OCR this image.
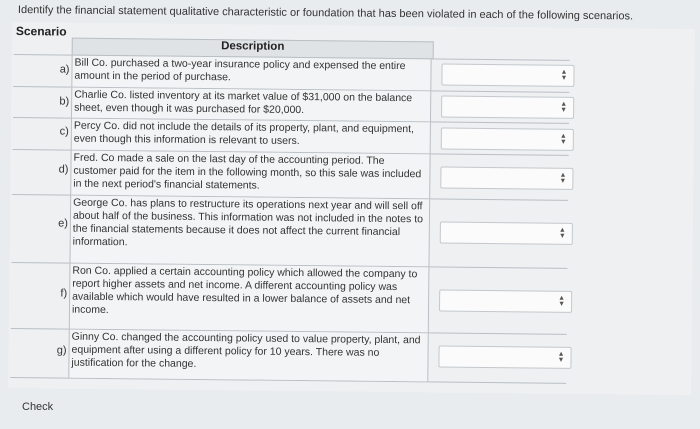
Identify the financial statement qualitative characteristic or foundation that has been violated in each of the following scenarios.
Scenario
Description
a) Bill Co. purchased a two-year insurance policy and expensed the entire amount in the period of purchase.	▲
▼
b) Charlie Co. listed inventory at its market value of $31,000 on the balance sheet, even though it was purchased for $20,000.	▲
▼
c) Percy Co. did not include the details of its property, plant, and equipment, even though this information is relevant to users.	▲
▼
d)
Fred. Co made a sale on the last day of the accounting period. The customer paid for the item in the following month, so this sale was included in the next period's financial statements.
▲
▼
e)
George Co. has plans to restructure its operations next year and will sell off about half of the business. This information was not included in the notes to the financial statements because it does not affect the current financial information.
▲
▼
f)
Ron Co. applied a certain accounting policy which allowed the company to report higher assets and net income. A different accounting policy was available which would have resulted in a lower balance of assets and net income.
▲
▼
g)
Ginny Co. changed the accounting policy used to value property, plant, and equipment after using a different policy for 10 years. There was no justification for the change.
▲
▼
Check
